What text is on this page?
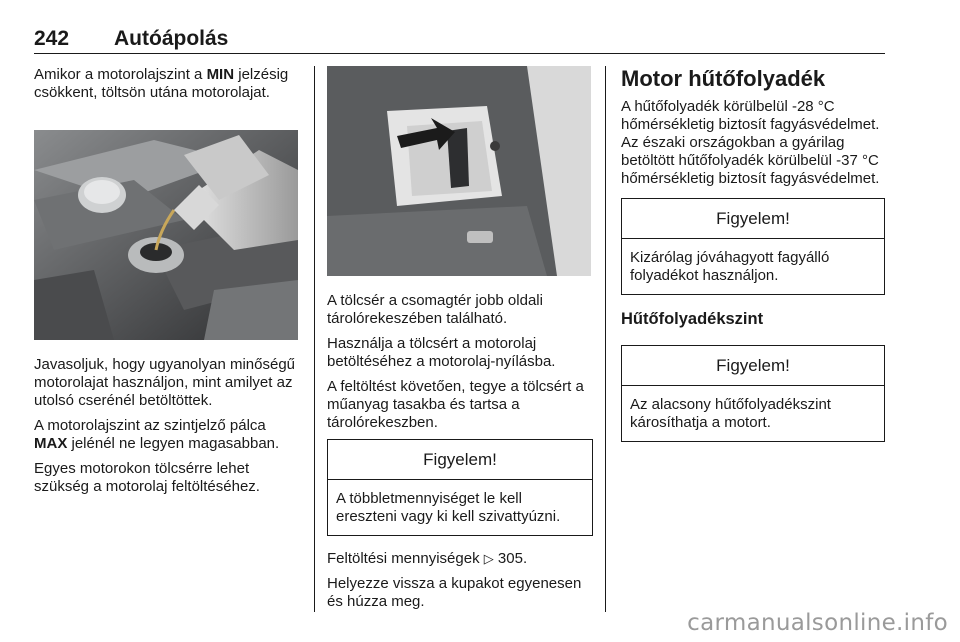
242 Autóápolás

Amikor a motorolajszint a MIN jelzésig csökkent, töltsön utána motorolajat.

Javasoljuk, hogy ugyanolyan minőségű motorolajat használjon, mint amilyet az utolsó cserénél betöltöttek.

A motorolajszint az szintjelző pálca MAX jelénél ne legyen magasabban.

Egyes motorokon tölcsérre lehet szükség a motorolaj feltöltéséhez.

A tölcsér a csomagtér jobb oldali tárolórekeszében található.

Használja a tölcsért a motorolaj betöltéséhez a motorolaj-nyílásba.

A feltöltést követően, tegye a tölcsért a műanyag tasakba és tartsa a tárolórekeszben.

Figyelem!
A többletmennyiséget le kell ereszteni vagy ki kell szivattyúzni.

Feltöltési mennyiségek ▷ 305.

Helyezze vissza a kupakot egyenesen és húzza meg.

Motor hűtőfolyadék

A hűtőfolyadék körülbelül -28 °C hőmérsékletig biztosít fagyásvédelmet. Az északi országokban a gyárilag betöltött hűtőfolyadék körülbelül -37 °C hőmérsékletig biztosít fagyásvédelmet.

Figyelem!
Kizárólag jóváhagyott fagyálló folyadékot használjon.
Hűtőfolyadékszint
Figyelem!
Az alacsony hűtőfolyadékszint károsíthatja a motort.
carmanualsonline.info
